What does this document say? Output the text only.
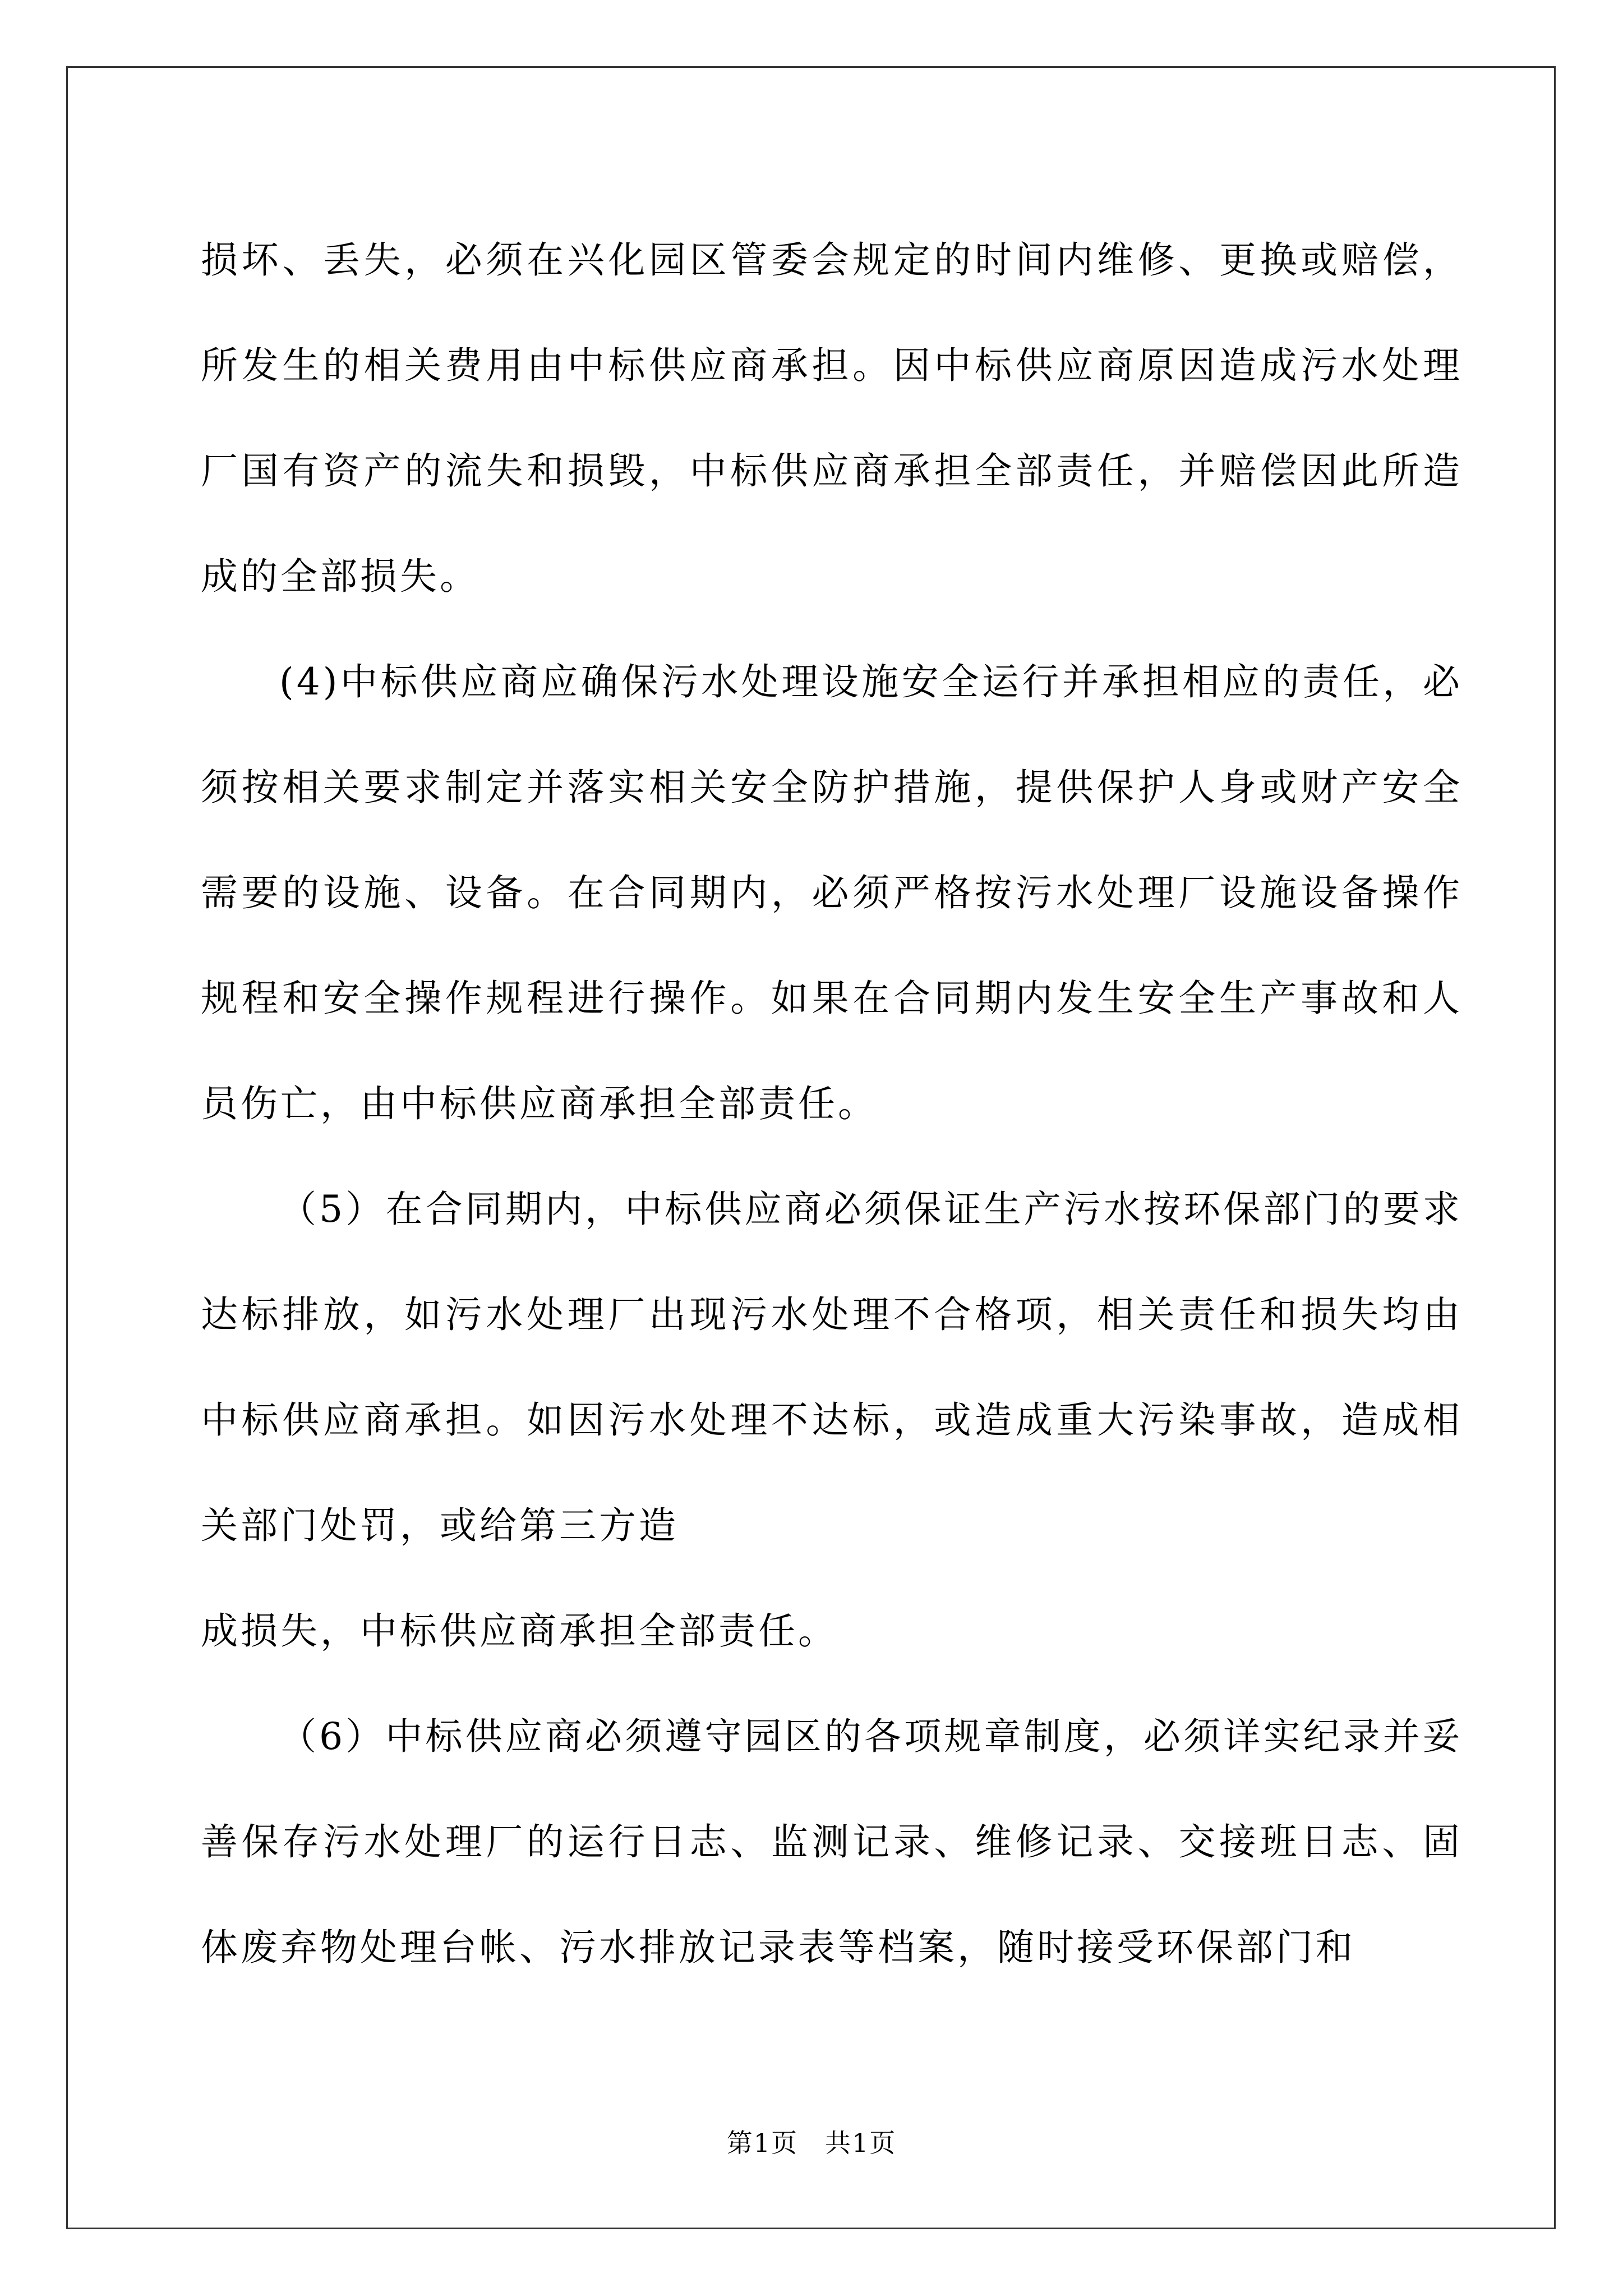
损坏、丢失，必须在兴化园区管委会规定的时间内维修、更换或赔偿，所发生的相关费用由中标供应商承担。因中标供应商原因造成污水处理厂国有资产的流失和损毁，中标供应商承担全部责任，并赔偿因此所造成的全部损失。

(4)中标供应商应确保污水处理设施安全运行并承担相应的责任，必须按相关要求制定并落实相关安全防护措施，提供保护人身或财产安全需要的设施、设备。在合同期内，必须严格按污水处理厂设施设备操作规程和安全操作规程进行操作。如果在合同期内发生安全生产事故和人员伤亡，由中标供应商承担全部责任。

（5）在合同期内，中标供应商必须保证生产污水按环保部门的要求达标排放，如污水处理厂出现污水处理不合格项，相关责任和损失均由中标供应商承担。如因污水处理不达标，或造成重大污染事故，造成相关部门处罚，或给第三方造
成损失，中标供应商承担全部责任。

（6）中标供应商必须遵守园区的各项规章制度，必须详实纪录并妥善保存污水处理厂的运行日志、监测记录、维修记录、交接班日志、固体废弃物处理台帐、污水排放记录表等档案，随时接受环保部门和

第1页　共1页
